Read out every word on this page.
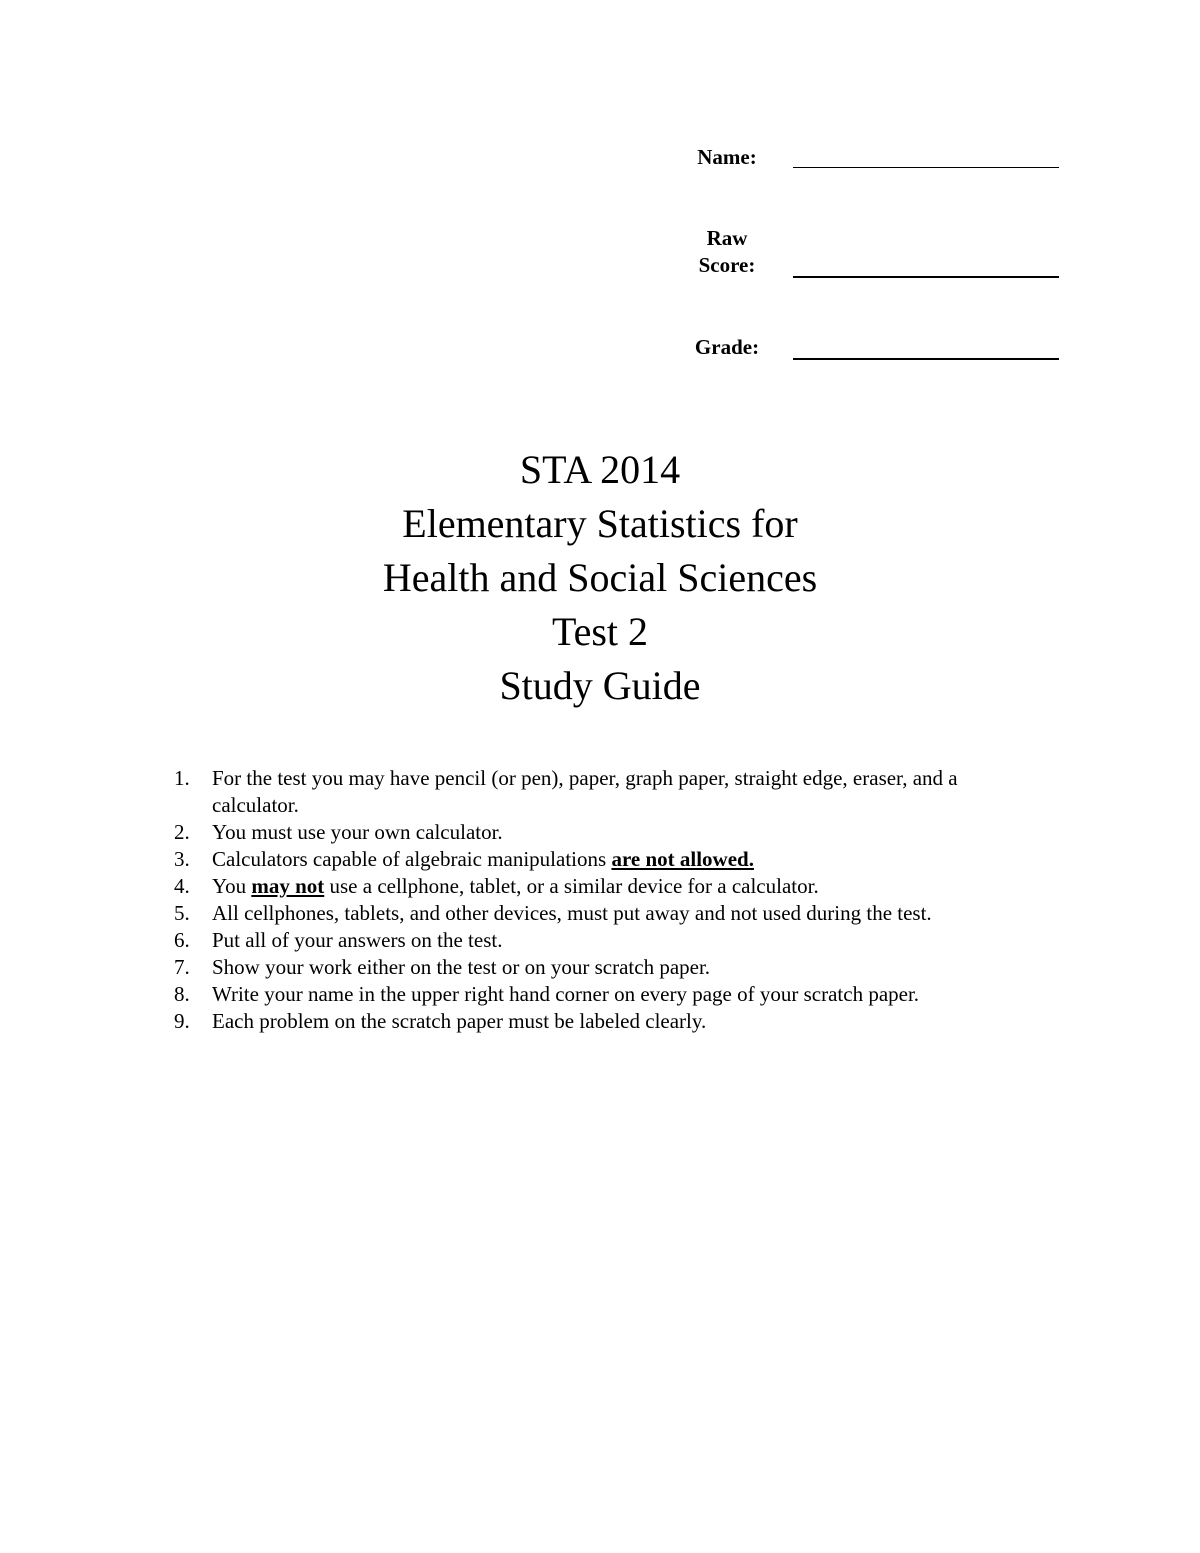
Name:
Raw
Score:
Grade:
STA 2014
Elementary Statistics for
Health and Social Sciences
Test 2
Study Guide
1. For the test you may have pencil (or pen), paper, graph paper, straight edge, eraser, and a
calculator.
2. You must use your own calculator.
3. Calculators capable of algebraic manipulations are not allowed.
4. You may not use a cellphone, tablet, or a similar device for a calculator.
5. All cellphones, tablets, and other devices, must put away and not used during the test.
6. Put all of your answers on the test.
7. Show your work either on the test or on your scratch paper.
8. Write your name in the upper right hand corner on every page of your scratch paper.
9. Each problem on the scratch paper must be labeled clearly.
